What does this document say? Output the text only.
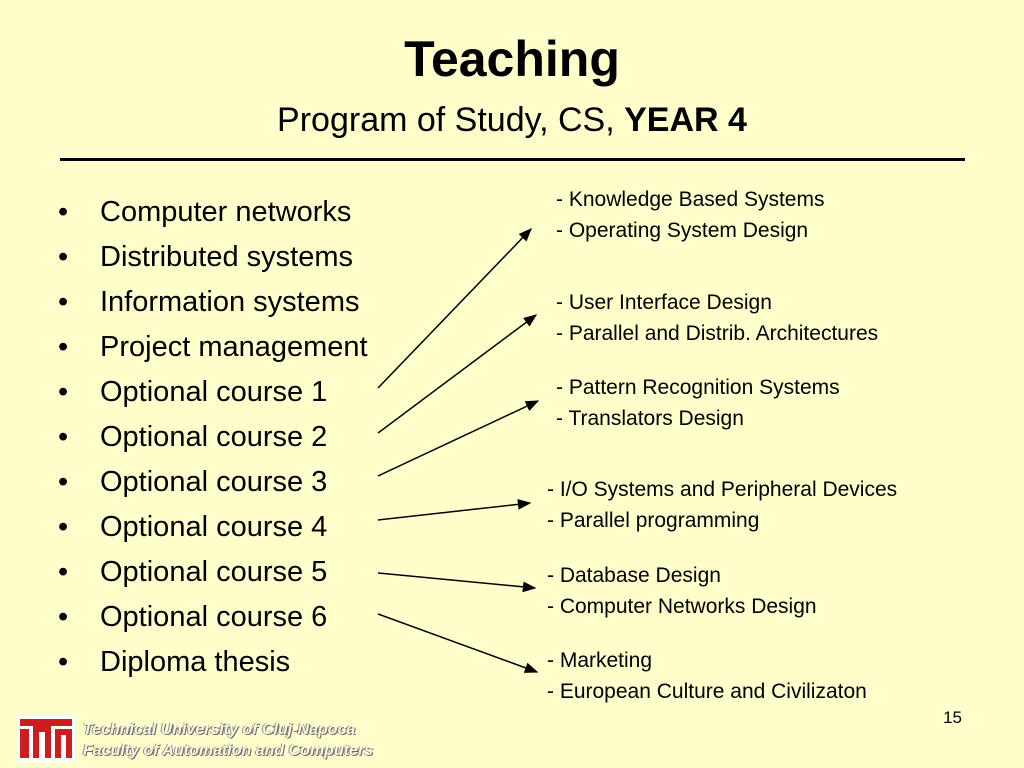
Teaching
Program of Study, CS, YEAR 4
• Computer networks
• Distributed systems
• Information systems
• Project management
• Optional course 1
• Optional course 2
• Optional course 3
• Optional course 4
• Optional course 5
• Optional course 6
• Diploma thesis
- Knowledge Based Systems
- Operating System Design
- User Interface Design
- Parallel and Distrib. Architectures
- Pattern Recognition Systems
- Translators Design
- I/O Systems and Peripheral Devices
- Parallel programming
- Database Design
- Computer Networks Design
- Marketing
- European Culture and Civilizaton
Technical University of Cluj-Napoca
Faculty of Automation and Computers
15
